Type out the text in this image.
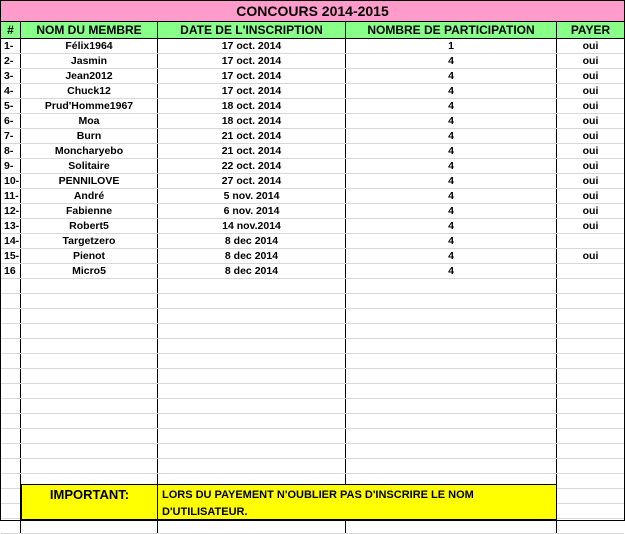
CONCOURS 2014-2015
#	NOM DU MEMBRE	DATE DE L'INSCRIPTION	NOMBRE DE PARTICIPATION	PAYER
1-	Félix1964	17 oct. 2014	1	oui
2-	Jasmin	17 oct. 2014	4	oui
3-	Jean2012	17 oct. 2014	4	oui
4-	Chuck12	17 oct. 2014	4	oui
5-	Prud'Homme1967	18 oct. 2014	4	oui
6-	Moa	18 oct. 2014	4	oui
7-	Burn	21 oct. 2014	4	oui
8-	Moncharyebo	21 oct. 2014	4	oui
9-	Solitaire	22 oct. 2014	4	oui
10-	PENNILOVE	27 oct. 2014	4	oui
11-	André	5 nov. 2014	4	oui
12-	Fabienne	6 nov. 2014	4	oui
13-	Robert5	14 nov.2014	4	oui
14-	Targetzero	8 dec 2014	4
15-	Pienot	8 dec 2014	4	oui
16	Micro5	8 dec 2014	4
IMPORTANT:	LORS DU PAYEMENT N'OUBLIER PAS D'INSCRIRE LE NOM D'UTILISATEUR.
